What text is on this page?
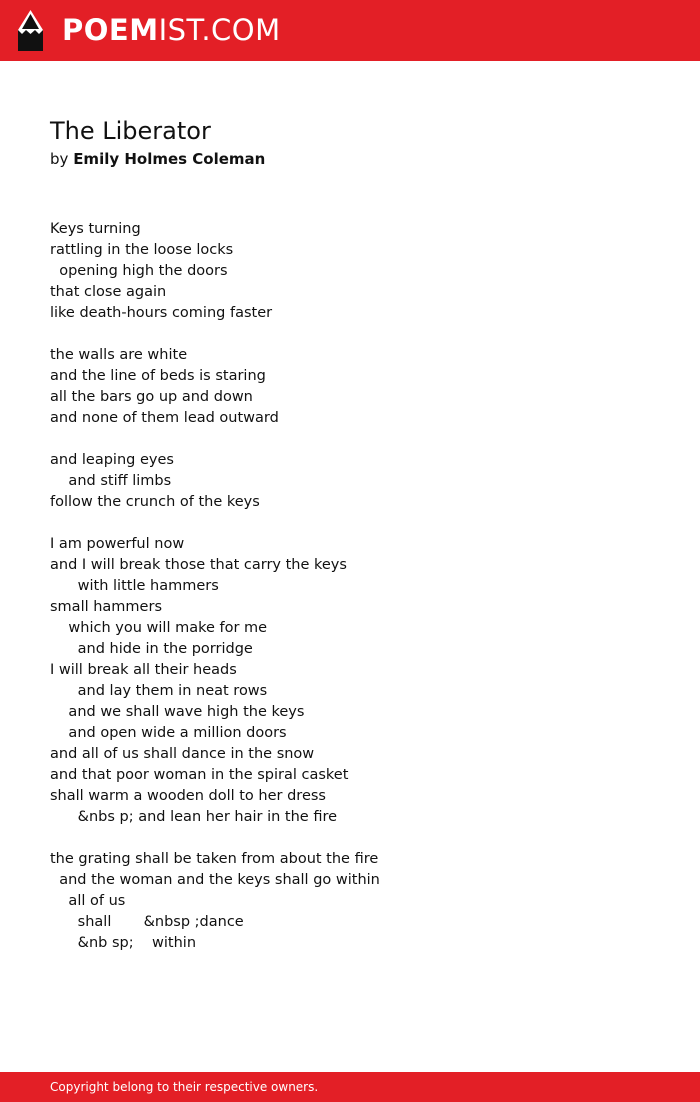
POEMIST.COM
The Liberator
by Emily Holmes Coleman
Keys turning
rattling in the loose locks
opening high the doors
that close again
like death-hours coming faster
the walls are white
and the line of beds is staring
all the bars go up and down
and none of them lead outward
and leaping eyes
and stiff limbs
follow the crunch of the keys
I am powerful now
and I will break those that carry the keys
with little hammers
small hammers
which you will make for me
and hide in the porridge
I will break all their heads
and lay them in neat rows
and we shall wave high the keys
and open wide a million doors
and all of us shall dance in the snow
and that poor woman in the spiral casket
shall warm a wooden doll to her dress
&nbs p; and lean her hair in the fire
the grating shall be taken from about the fire
and the woman and the keys shall go within
all of us
shall       &nbsp ;dance
&nb sp;    within
Copyright belong to their respective owners.
